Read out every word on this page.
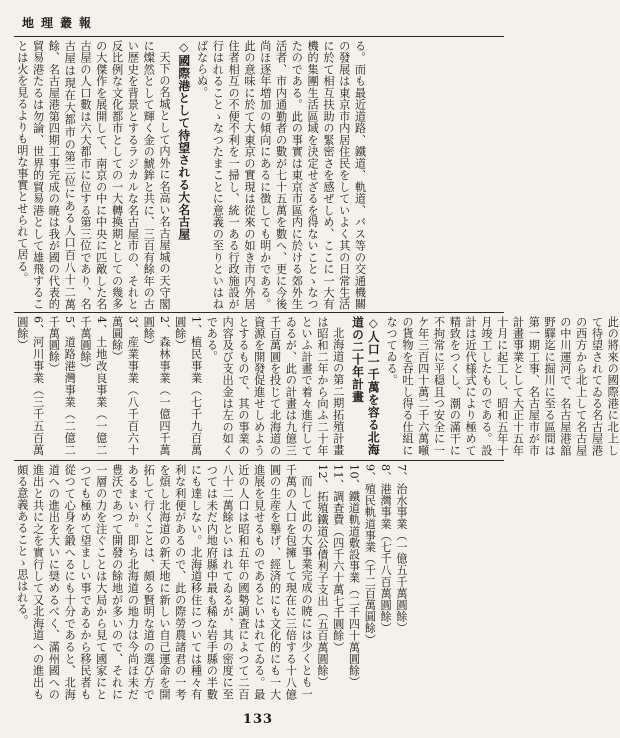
地理叢報

る。而も最近道路、鐵道、軌道、バス等の交通機關の發展は東京市内居住民をしていよく其の日常生活に於て相互扶助の緊密さを感ぜしめ、ここに一大有機的集團生活區域を決定せざるを得ないことゝなつたのである。此の事實は東京市區内に於ける郊外生活者、市内通勤者の數が七十五萬を數へ、更に今後尚ほ逐年増加の傾向にあるに徴しても明かである。此の意味に於て大東京の實現は從來の如き市内外居住者相互の不便不利を一掃し、統一ある行政施設が行はれることゝなつたまことに意義の至りといはねばならぬ。

◇國際港として待望される大名古屋

天下の名城として内外に名高い名古屋城の天守閣に燦然として輝く金の鯱鉾と共に、三百有餘年の古い歴史を背景とするラジカルな名古屋市の、それと反比例な文化都市としての一大轉換期としての幾多の大傑作を展開して、南京の中に中央に匹敵した名古屋の人口數は六大都市に位する第三位であり、名古屋は現在大都市の第三位にある人口百八十二萬餘、名古屋港第四期工事完成の暁は我が國の代表的貿易港たるは勿論、世界的貿易港として雄飛することは火を見るよりも明な事實とせられて居る。

此の將來の國際港に北上して待望されてゐる名古屋港の西方から北上して名古屋の中川運河で、名古屋港舘野驛迄に掘川に至る區間は第一期工事、名古屋市が市計畫事業として大正十五年十月に起工し、昭和五年十月竣工したものである。設計は近代様式により極めて精致をつくし、潮の滿干に不拘常に平穏且つ安全に一ケ年三百四十萬二千六萬噸の貨物を吞吐し得る仕組になつてゐる。

◇人口一千萬を容る北海道の二十年計畫

北海道の第二期拓殖計畫は昭和二年から向ふ二十年といふ計畫で着々進行してゐるが、此の計畫は九億三千百萬圓を投じて北海道の資源を開發促進せしめようとするもので、其の事業の内容及び支出金は左の如くである。

1、植民事業（七千九百萬圓餘）
2、森林事業（一億四千萬圓餘）
3、産業事業（八千百六十萬圓餘）
4、土地改良事業（一億二千萬圓餘）
5、道路港灣事業（二億二千萬圓餘）
6、河川事業（三千五百萬圓餘）
7、治水事業（一億五千萬圓餘）
8、港灣事業（七千八百萬圓餘）
9、殖民軌道事業（千二百萬圓餘）
10、鐵道軌道敷設事業（二千四十萬圓餘）
11、調査費（四千六十萬七千圓餘）
12、拓殖鐵道公債利子支出（五百萬圓餘）

而して此の大事業完成の暁には少くとも一千萬の人口を包擁して現在に三倍する十八億圓の生産を擧げ、經済的にも文化的にも一大進展を見せるものであるといはれてゐる。最近の人口は昭和五年の國勢調査によつて二百八十二萬餘といはれてゐるが、其の密度に至つては未だ内地府縣中最も稀な岩手縣の半數にも達しない。北海道移住については種々有利な利便があるので、此の際勞農諸君の一考を煩し北海道の新天地に新しい自己運命を開拓して行くことは、頗る賢明な道の選び方であるまいか。即ち北海道の地力は今尚ほ未だ豊沃であつて開發の餘地が多いので、それに一層の力を注ぐことは大局から見て國家にとつても極めて望ましい事であるから移民者も從つて心身を鍛へるにも十分であると、北海道への進出を大いに奨めるべく、滿州國への進出と共に之を實行して又北海道への進出も頗る意義あることゝ思はれる。

133
